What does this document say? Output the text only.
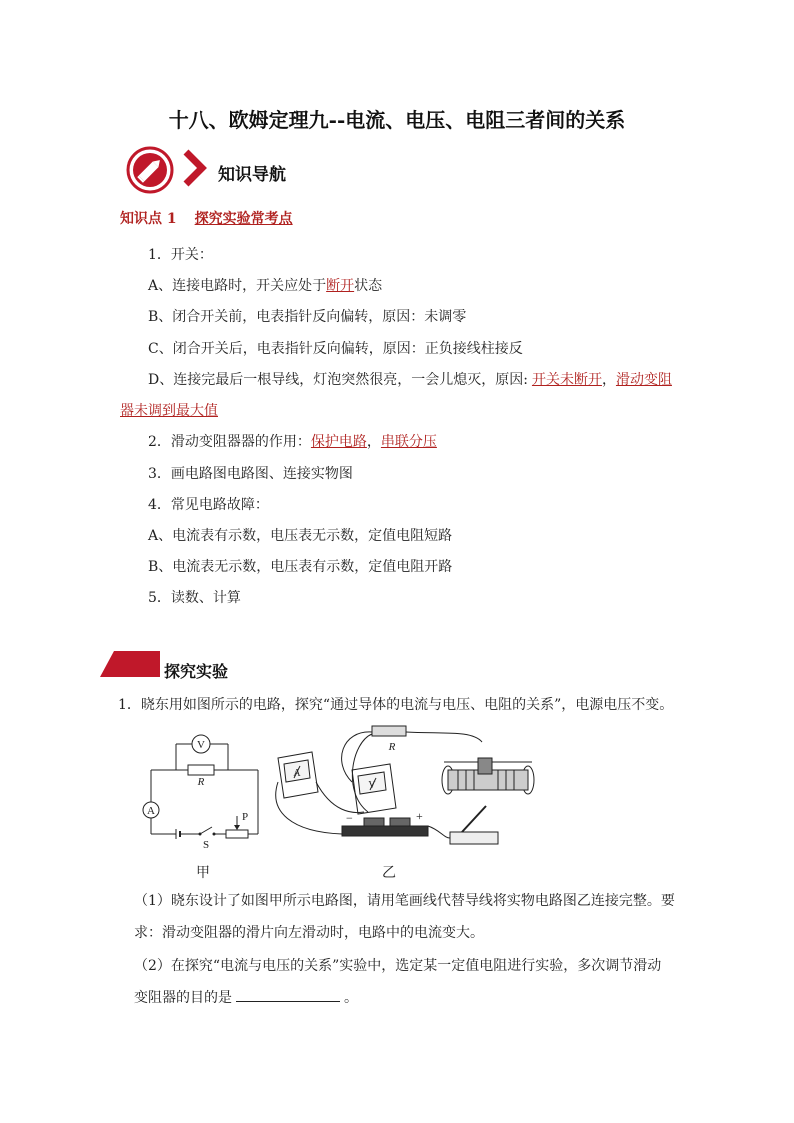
十八、欧姆定理九--电流、电压、电阻三者间的关系
知识导航
知识点 1 探究实验常考点
1．开关：
A、连接电路时，开关应处于断开状态
B、闭合开关前，电表指针反向偏转，原因：未调零
C、闭合开关后，电表指针反向偏转，原因：正负接线柱接反
D、连接完最后一根导线，灯泡突然很亮，一会儿熄灭，原因: 开关未断开，滑动变阻
器未调到最大值
2．滑动变阻器器的作用：保护电路，串联分压
3．画电路图电路图、连接实物图
4．常见电路故障：
A、电流表有示数，电压表无示数，定值电阻短路
B、电流表无示数，电压表有示数，定值电阻开路
5．读数、计算
探究实验
1．晓东用如图所示的电路，探究“通过导体的电流与电压、电阻的关系”，电源电压不变。
V
A
R
S
P	−	+
A
V
R
甲	乙
（1）晓东设计了如图甲所示电路图，请用笔画线代替导线将实物电路图乙连接完整。要
求：滑动变阻器的滑片向左滑动时，电路中的电流变大。
（2）在探究“电流与电压的关系”实验中，选定某一定值电阻进行实验，多次调节滑动
变阻器的目的是	。
